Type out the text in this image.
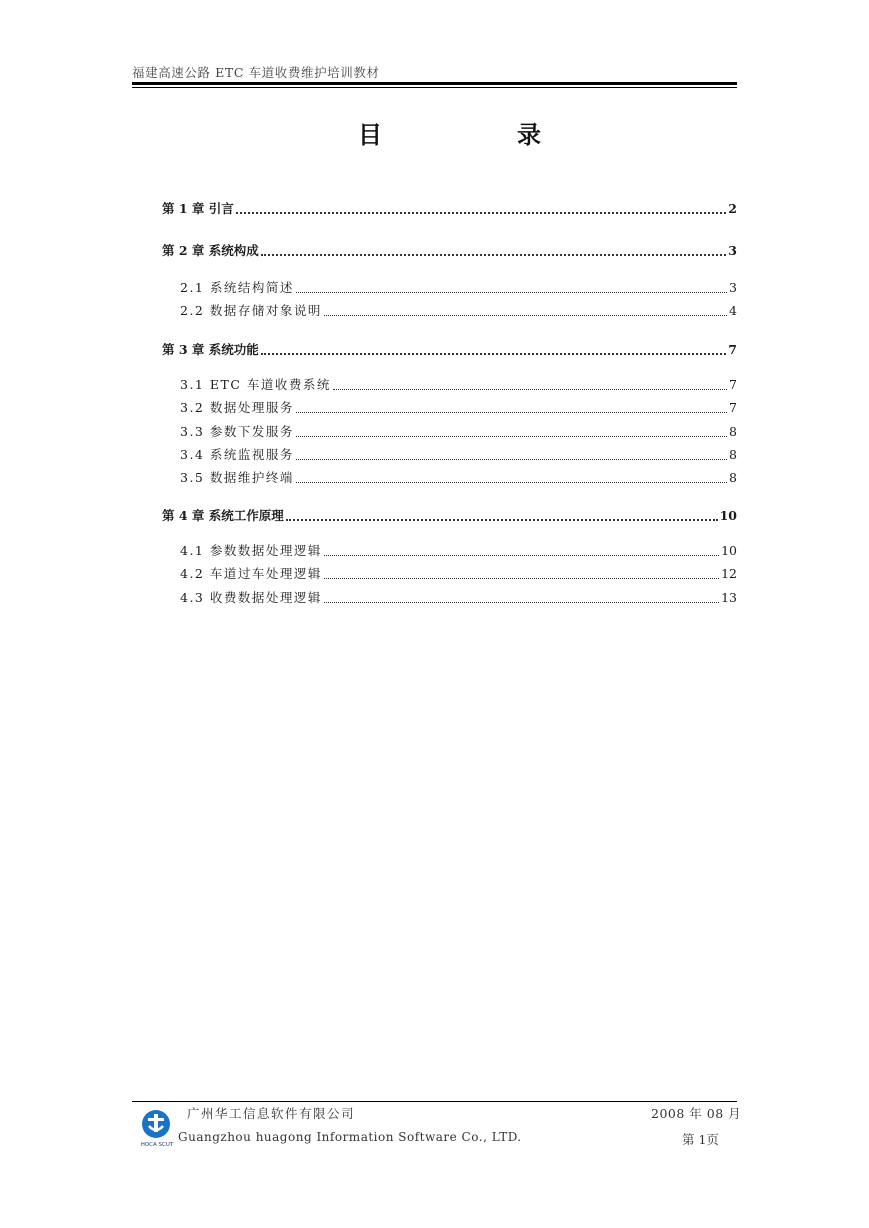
福建高速公路 ETC 车道收费维护培训教材
目	录
第 1 章 引言	2
第 2 章 系统构成	3
2.1 系统结构简述	3
2.2 数据存储对象说明	4
第 3 章 系统功能	7
3.1 ETC 车道收费系统	7
3.2 数据处理服务	7
3.3 参数下发服务	8
3.4 系统监视服务	8
3.5 数据维护终端	8
第 4 章 系统工作原理	10
4.1 参数数据处理逻辑	10
4.2 车道过车处理逻辑	12
4.3 收费数据处理逻辑	13
HOCA SCUT
广州华工信息软件有限公司
Guangzhou huagong Information Software Co., LTD.
2008 年 08 月
第 1页
